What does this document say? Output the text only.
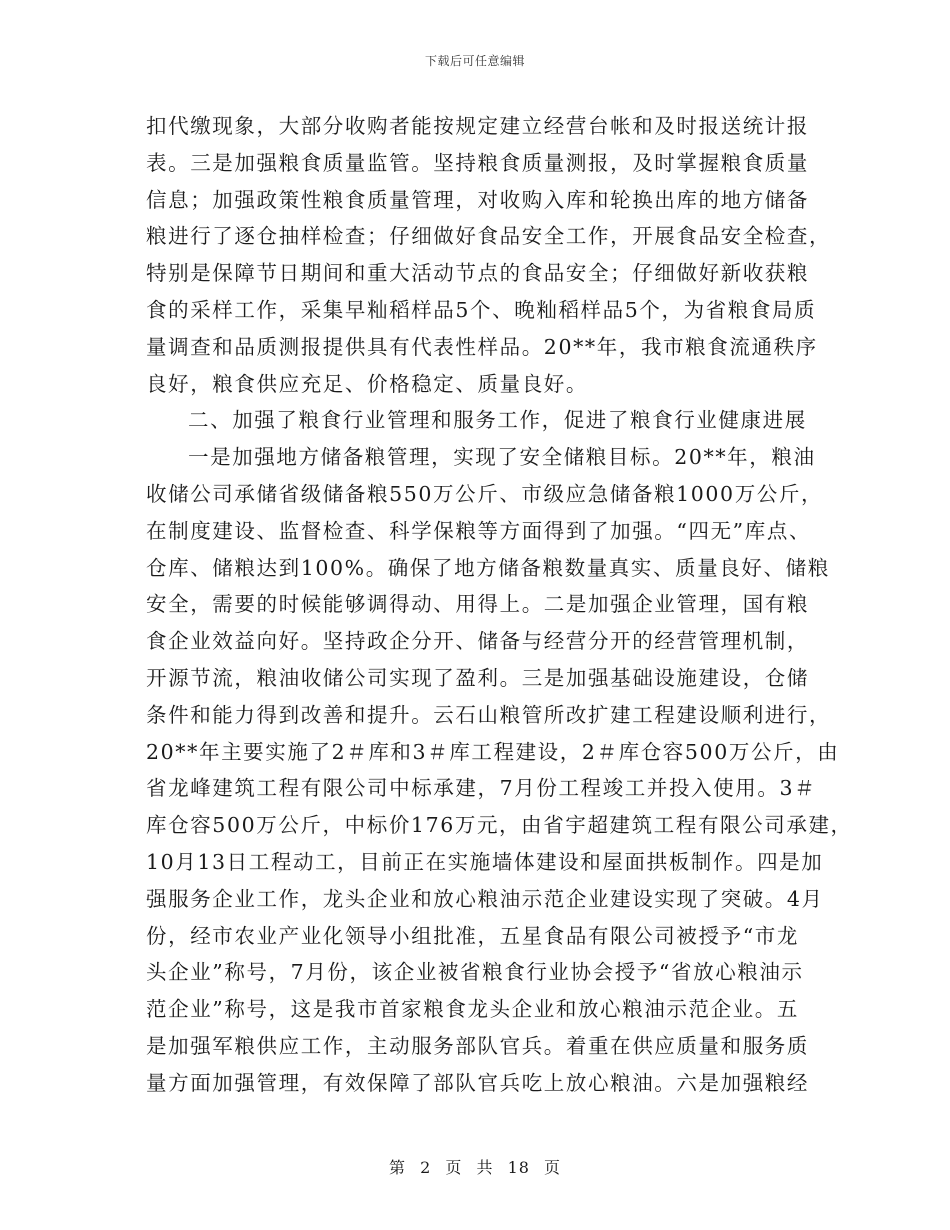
下载后可任意编辑
扣代缴现象，大部分收购者能按规定建立经营台帐和及时报送统计报
表。三是加强粮食质量监管。坚持粮食质量测报，及时掌握粮食质量
信息；加强政策性粮食质量管理，对收购入库和轮换出库的地方储备
粮进行了逐仓抽样检查；仔细做好食品安全工作，开展食品安全检查，
特别是保障节日期间和重大活动节点的食品安全；仔细做好新收获粮
食的采样工作，采集早籼稻样品5个、晚籼稻样品5个，为省粮食局质
量调查和品质测报提供具有代表性样品。20**年，我市粮食流通秩序
良好，粮食供应充足、价格稳定、质量良好。
二、加强了粮食行业管理和服务工作，促进了粮食行业健康进展
一是加强地方储备粮管理，实现了安全储粮目标。20**年，粮油
收储公司承储省级储备粮550万公斤、市级应急储备粮1000万公斤，
在制度建设、监督检查、科学保粮等方面得到了加强。“四无”库点、
仓库、储粮达到100%。确保了地方储备粮数量真实、质量良好、储粮
安全，需要的时候能够调得动、用得上。二是加强企业管理，国有粮
食企业效益向好。坚持政企分开、储备与经营分开的经营管理机制，
开源节流，粮油收储公司实现了盈利。三是加强基础设施建设，仓储
条件和能力得到改善和提升。云石山粮管所改扩建工程建设顺利进行，
20**年主要实施了2＃库和3＃库工程建设，2＃库仓容500万公斤，由
省龙峰建筑工程有限公司中标承建，7月份工程竣工并投入使用。3＃
库仓容500万公斤，中标价176万元，由省宇超建筑工程有限公司承建，
10月13日工程动工，目前正在实施墙体建设和屋面拱板制作。四是加
强服务企业工作，龙头企业和放心粮油示范企业建设实现了突破。4月
份，经市农业产业化领导小组批准，五星食品有限公司被授予“市龙
头企业”称号，7月份，该企业被省粮食行业协会授予“省放心粮油示
范企业”称号，这是我市首家粮食龙头企业和放心粮油示范企业。五
是加强军粮供应工作，主动服务部队官兵。着重在供应质量和服务质
量方面加强管理，有效保障了部队官兵吃上放心粮油。六是加强粮经
第 2 页 共 18 页
